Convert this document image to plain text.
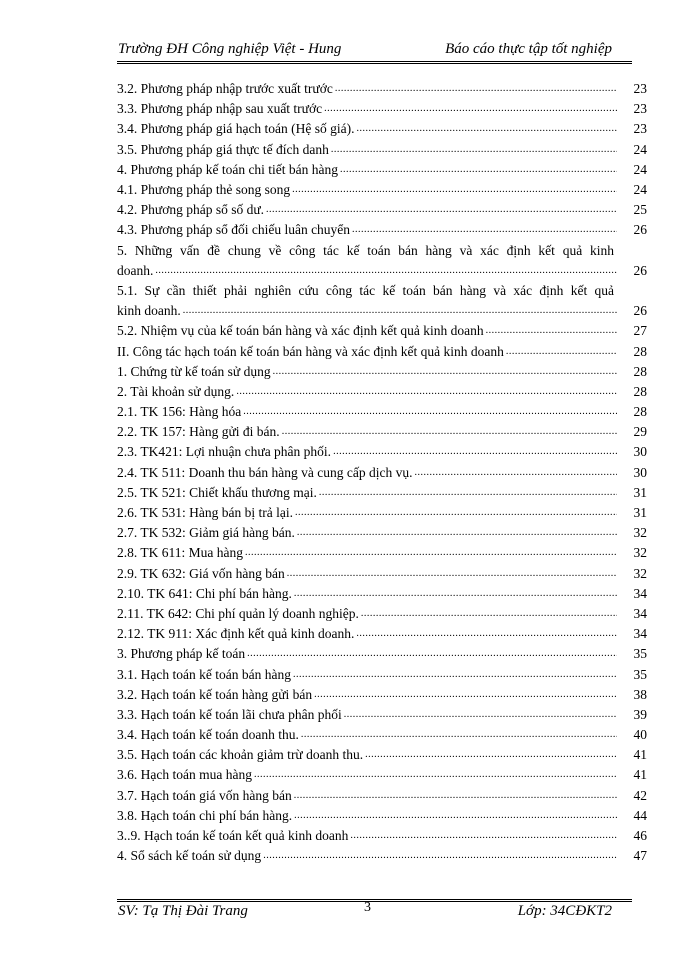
Trường ĐH Công nghiệp Việt - Hung	Báo cáo thực tập tốt nghiệp
3.2. Phương pháp nhập trước xuất trước .....	23
3.3. Phương pháp nhập sau xuất trước .....	23
3.4. Phương pháp giá hạch toán (Hệ số giá). .....	23
3.5. Phương pháp giá thực tế đích danh .....	24
4. Phương pháp kế toán chi tiết bán hàng .....	24
4.1. Phương pháp thẻ song song .....	24
4.2. Phương pháp sổ số dư. .....	25
4.3. Phương pháp sổ đối chiếu luân chuyển .....	26
5. Những vấn đề chung về công tác kế toán bán hàng và xác định kết quả kinh
doanh. .....	26
5.1. Sự cần thiết phải nghiên cứu công tác kế toán bán hàng và xác định kết quả
kinh doanh. .....	26
5.2. Nhiệm vụ của kế toán bán hàng và xác định kết quả kinh doanh .....	27
II. Công tác hạch toán kế toán bán hàng và xác định kết quả kinh doanh .....	28
1. Chứng từ kế toán sử dụng .....	28
2. Tài khoản sử dụng. .....	28
2.1. TK 156: Hàng hóa .....	28
2.2. TK 157: Hàng gửi đi bán. .....	29
2.3. TK421: Lợi nhuận chưa phân phối. .....	30
2.4. TK 511: Doanh thu bán hàng và cung cấp dịch vụ. .....	30
2.5. TK 521: Chiết khấu thương mại. .....	31
2.6. TK 531: Hàng bán bị trả lại. .....	31
2.7. TK 532: Giảm giá hàng bán. .....	32
2.8. TK 611: Mua hàng .....	32
2.9. TK 632: Giá vốn hàng bán .....	32
2.10. TK 641: Chi phí bán hàng. .....	34
2.11. TK 642: Chi phí quản lý doanh nghiệp. .....	34
2.12. TK 911: Xác định kết quả kinh doanh. .....	34
3. Phương pháp kế toán .....	35
3.1. Hạch toán kế toán bán hàng .....	35
3.2. Hạch toán kế toán hàng gửi bán .....	38
3.3. Hạch toán kế toán lãi chưa phân phối .....	39
3.4. Hạch toán kế toán doanh thu. .....	40
3.5. Hạch toán các khoản giảm trừ doanh thu. .....	41
3.6. Hạch toán mua hàng .....	41
3.7. Hạch toán giá vốn hàng bán .....	42
3.8. Hạch toán chi phí bán hàng. .....	44
3..9. Hạch toán kế toán kết quả kinh doanh .....	46
4. Sổ sách kế toán sử dụng .....	47
SV: Tạ Thị Đài Trang	3	Lớp: 34CĐKT2
